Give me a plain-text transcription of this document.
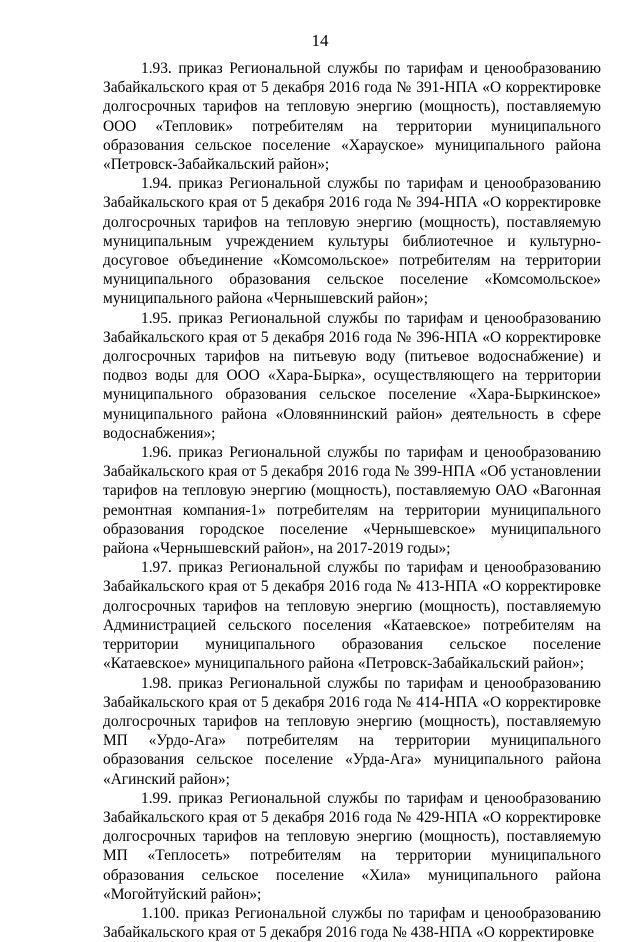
14

1.93. приказ Региональной службы по тарифам и ценообразованию Забайкальского края от 5 декабря 2016 года № 391-НПА «О корректировке долгосрочных тарифов на тепловую энергию (мощность), поставляемую ООО «Тепловик» потребителям на территории муниципального образования сельское поселение «Харауское» муниципального района «Петровск-Забайкальский район»;

1.94. приказ Региональной службы по тарифам и ценообразованию Забайкальского края от 5 декабря 2016 года № 394-НПА «О корректировке долгосрочных тарифов на тепловую энергию (мощность), поставляемую муниципальным учреждением культуры библиотечное и культурно-досуговое объединение «Комсомольское» потребителям на территории муниципального образования сельское поселение «Комсомольское» муниципального района «Чернышевский район»;

1.95. приказ Региональной службы по тарифам и ценообразованию Забайкальского края от 5 декабря 2016 года № 396-НПА «О корректировке долгосрочных тарифов на питьевую воду (питьевое водоснабжение) и подвоз воды для ООО «Хара-Бырка», осуществляющего на территории муниципального образования сельское поселение «Хара-Быркинское» муниципального района «Оловяннинский район» деятельность в сфере водоснабжения»;

1.96. приказ Региональной службы по тарифам и ценообразованию Забайкальского края от 5 декабря 2016 года № 399-НПА «Об установлении тарифов на тепловую энергию (мощность), поставляемую ОАО «Вагонная ремонтная компания-1» потребителям на территории муниципального образования городское поселение «Чернышевское» муниципального района «Чернышевский район», на 2017-2019 годы»;

1.97. приказ Региональной службы по тарифам и ценообразованию Забайкальского края от 5 декабря 2016 года № 413-НПА «О корректировке долгосрочных тарифов на тепловую энергию (мощность), поставляемую Администрацией сельского поселения «Катаевское» потребителям на территории муниципального образования сельское поселение «Катаевское» муниципального района «Петровск-Забайкальский район»;

1.98. приказ Региональной службы по тарифам и ценообразованию Забайкальского края от 5 декабря 2016 года № 414-НПА «О корректировке долгосрочных тарифов на тепловую энергию (мощность), поставляемую МП «Урдо-Ага» потребителям на территории муниципального образования сельское поселение «Урда-Ага» муниципального района «Агинский район»;

1.99. приказ Региональной службы по тарифам и ценообразованию Забайкальского края от 5 декабря 2016 года № 429-НПА «О корректировке долгосрочных тарифов на тепловую энергию (мощность), поставляемую МП «Теплосеть» потребителям на территории муниципального образования сельское поселение «Хила» муниципального района «Могойтуйский район»;

1.100. приказ Региональной службы по тарифам и ценообразованию Забайкальского края от 5 декабря 2016 года № 438-НПА «О корректировке
